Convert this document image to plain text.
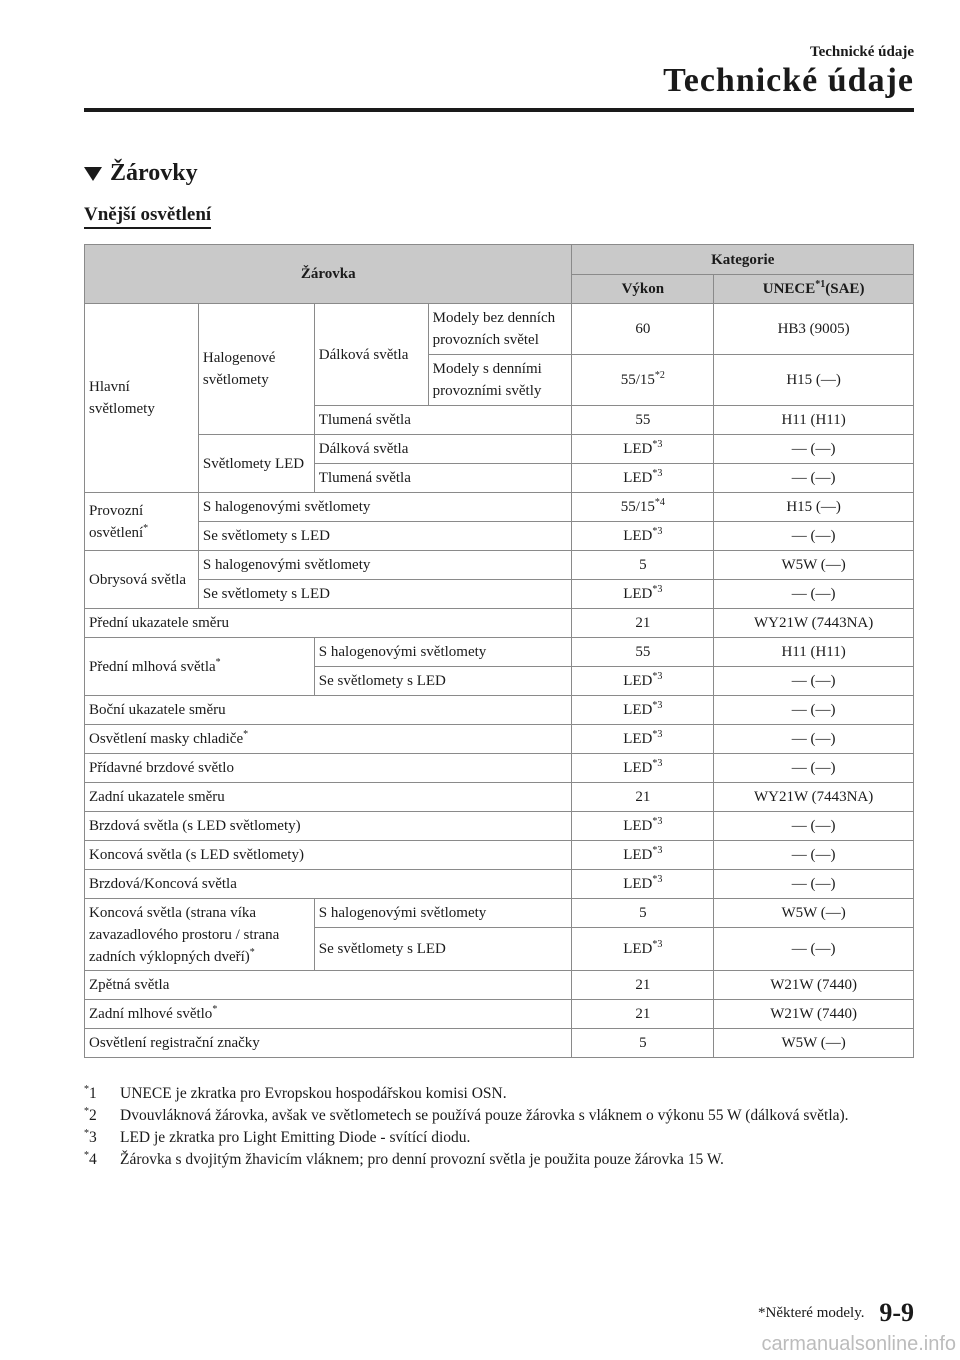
Technické údaje
Technické údaje
Žárovky
Vnější osvětlení
Žárovka				Kategorie	
				Výkon	UNECE$^{*1}$(SAE)
Hlavní světlomety	Halogenové světlomety	Dálková světla	Modely bez denních provozních světel	60	HB3 (9005)
			Modely s denními provozními světly	55/15$^{*2}$	H15 (—)
		Tlumená světla		55	H11 (H11)
	Světlomety LED	Dálková světla		LED$^{*3}$	— (—)
		Tlumená světla		LED$^{*3}$	— (—)
Provozní osvětlení*	S halogenovými světlomety			55/15$^{*4}$	H15 (—)
	Se světlomety s LED			LED$^{*3}$	— (—)
Obrysová světla	S halogenovými světlomety			5	W5W (—)
	Se světlomety s LED			LED$^{*3}$	— (—)
Přední ukazatele směru				21	WY21W (7443NA)
Přední mlhová světla*		S halogenovými světlomety		55	H11 (H11)
		Se světlomety s LED		LED$^{*3}$	— (—)
Boční ukazatele směru				LED$^{*3}$	— (—)
Osvětlení masky chladiče*				LED$^{*3}$	— (—)
Přídavné brzdové světlo				LED$^{*3}$	— (—)
Zadní ukazatele směru				21	WY21W (7443NA)
Brzdová světla (s LED světlomety)				LED$^{*3}$	— (—)
Koncová světla (s LED světlomety)				LED$^{*3}$	— (—)
Brzdová/Koncová světla				LED$^{*3}$	— (—)
Koncová světla (strana víka zavazadlového prostoru / strana zadních výklopných dveří)*		S halogenovými světlomety		5	W5W (—)
		Se světlomety s LED		LED$^{*3}$	— (—)
Zpětná světla				21	W21W (7440)
Zadní mlhové světlo*				21	W21W (7440)
Osvětlení registrační značky				5	W5W (—)
*1	UNECE je zkratka pro Evropskou hospodářskou komisi OSN.
*2	Dvouvláknová žárovka, avšak ve světlometech se používá pouze žárovka s vláknem o výkonu 55 W (dálková světla).
*3	LED je zkratka pro Light Emitting Diode - svítící diodu.
*4	Žárovka s dvojitým žhavicím vláknem; pro denní provozní světla je použita pouze žárovka 15 W.
*Některé modely. 9-9
carmanualsonline.info
